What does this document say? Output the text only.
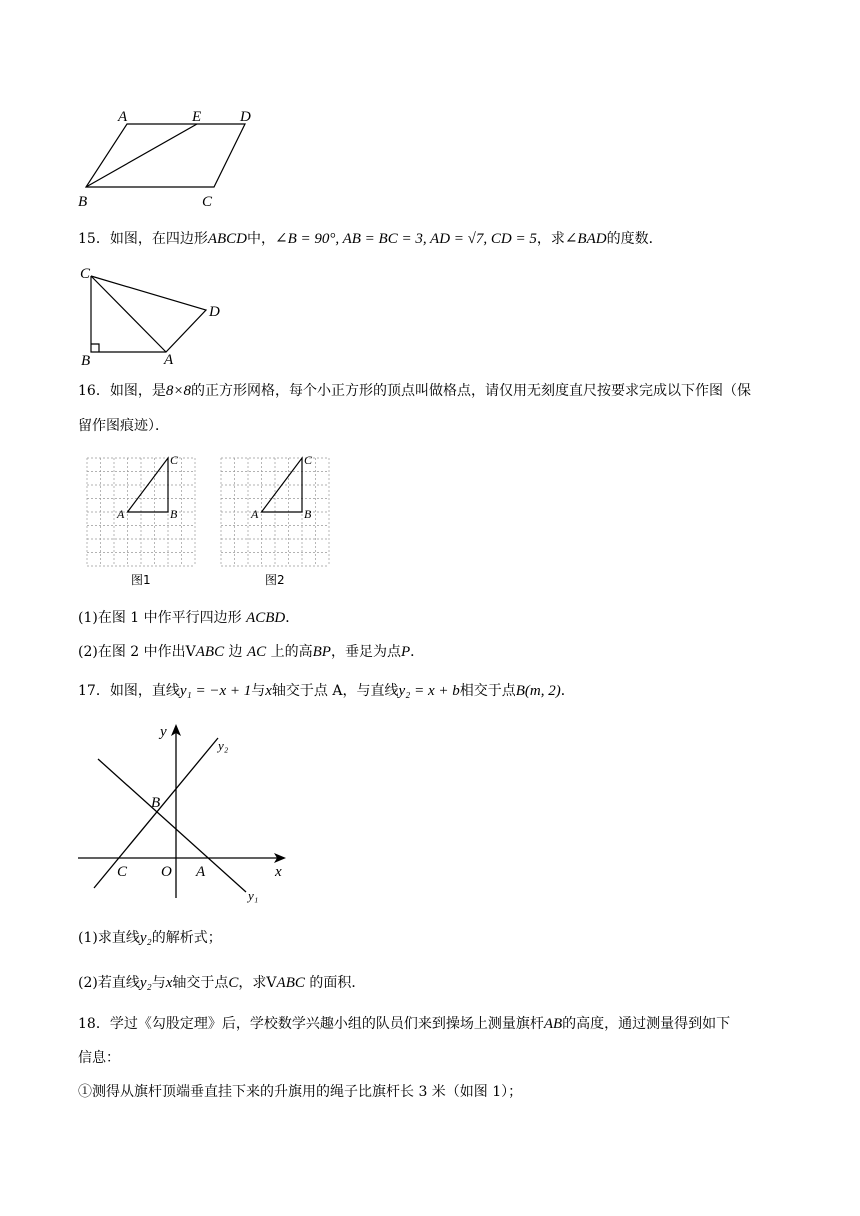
A	E	D
B	C
15．如图，在四边形ABCD中，∠B = 90°, AB = BC = 3, AD = √7, CD = 5，求∠BAD的度数．
C
D
B	A
16．如图，是8×8的正方形网格，每个小正方形的顶点叫做格点，请仅用无刻度直尺按要求完成以下作图（保
留作图痕迹）．
A	B
C
图1
A	B
C
图2
(1)在图 1 中作平行四边形 ACBD．
(2)在图 2 中作出VABC 边 AC 上的高BP，垂足为点P．
17．如图，直线y₁ = −x + 1与x轴交于点 A，与直线y₂ = x + b相交于点B(m, 2)．
y
y₂
B
C O A	x
y₁
(1)求直线y₂的解析式；
(2)若直线y₂与x轴交于点C，求VABC 的面积．
18．学过《勾股定理》后，学校数学兴趣小组的队员们来到操场上测量旗杆AB的高度，通过测量得到如下
信息：
①测得从旗杆顶端垂直挂下来的升旗用的绳子比旗杆长 3 米（如图 1）；
